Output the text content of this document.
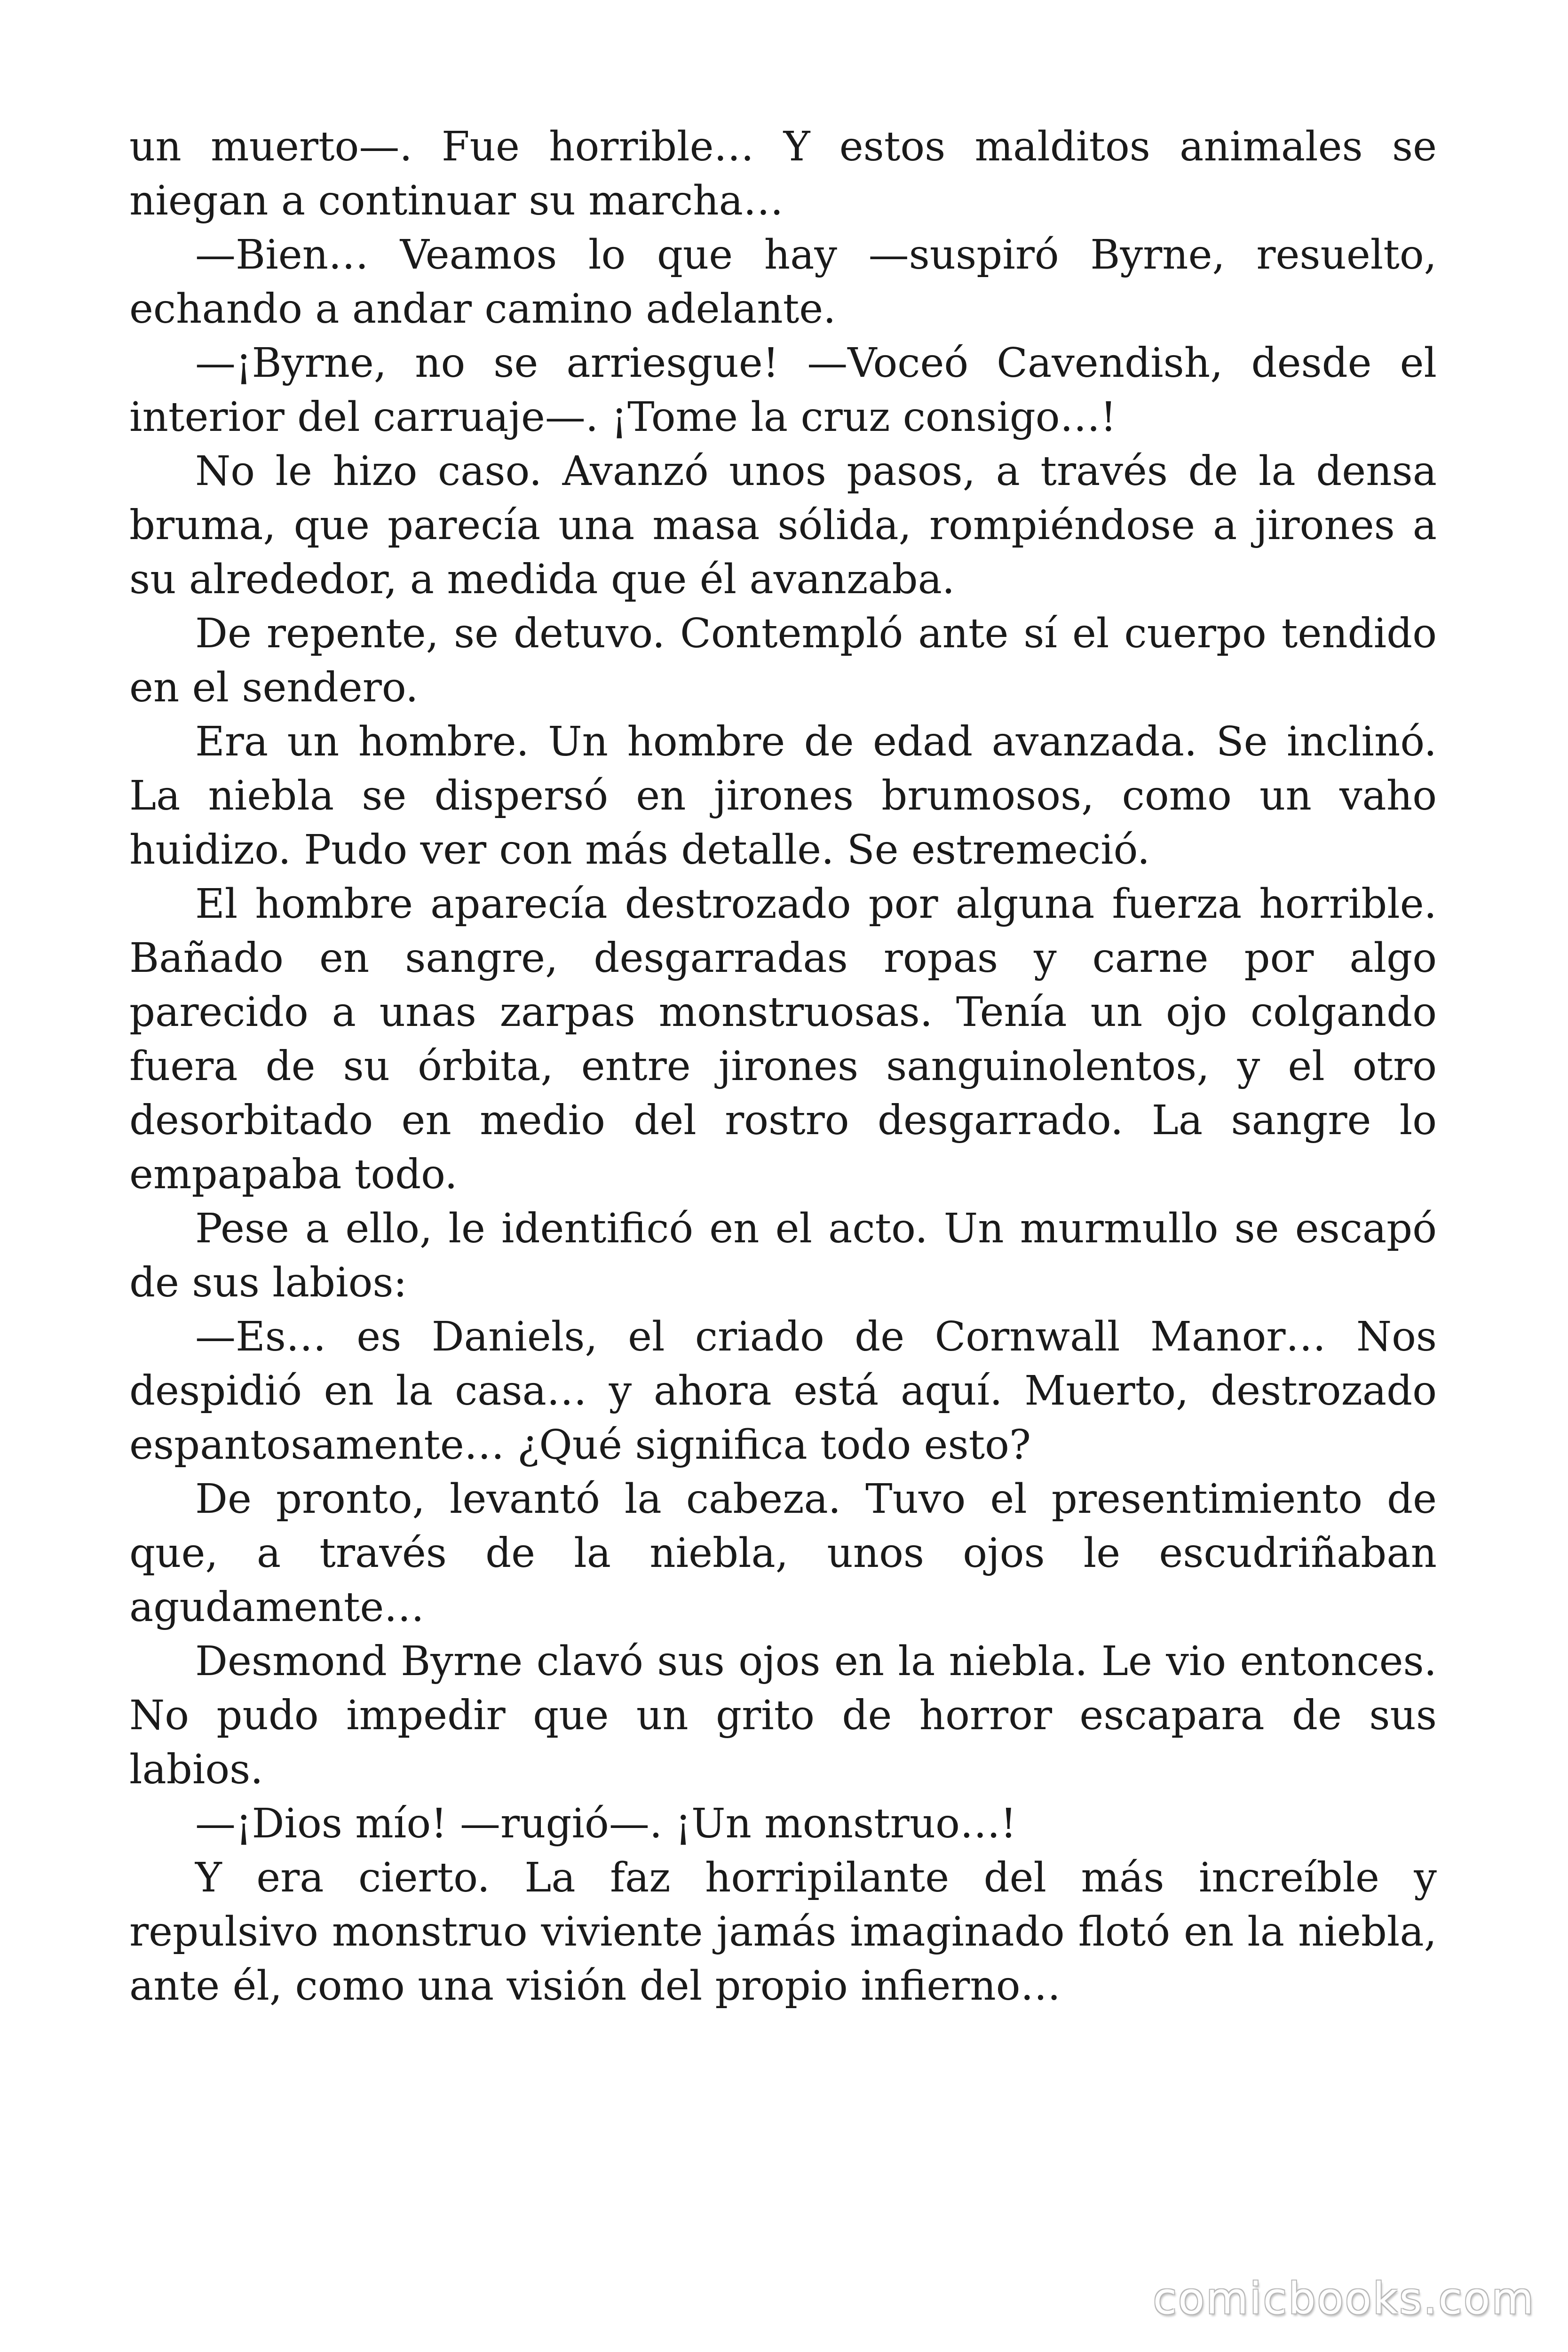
un muerto—. Fue horrible… Y estos malditos animales se niegan a continuar su marcha…

—Bien… Veamos lo que hay —suspiró Byrne, resuelto, echando a andar camino adelante.

—¡Byrne, no se arriesgue! —Voceó Cavendish, desde el interior del carruaje—. ¡Tome la cruz consigo…!

No le hizo caso. Avanzó unos pasos, a través de la densa bruma, que parecía una masa sólida, rompiéndose a jirones a su alrededor, a medida que él avanzaba.

De repente, se detuvo. Contempló ante sí el cuerpo tendido en el sendero.

Era un hombre. Un hombre de edad avanzada. Se inclinó. La niebla se dispersó en jirones brumosos, como un vaho huidizo. Pudo ver con más detalle. Se estremeció.

El hombre aparecía destrozado por alguna fuerza horrible. Bañado en sangre, desgarradas ropas y carne por algo parecido a unas zarpas monstruosas. Tenía un ojo colgando fuera de su órbita, entre jirones sanguinolentos, y el otro desorbitado en medio del rostro desgarrado. La sangre lo empapaba todo.

Pese a ello, le identificó en el acto. Un murmullo se escapó de sus labios:

—Es… es Daniels, el criado de Cornwall Manor… Nos despidió en la casa… y ahora está aquí. Muerto, destrozado espantosamente… ¿Qué significa todo esto?

De pronto, levantó la cabeza. Tuvo el presentimiento de que, a través de la niebla, unos ojos le escudriñaban agudamente…

Desmond Byrne clavó sus ojos en la niebla. Le vio entonces. No pudo impedir que un grito de horror escapara de sus labios.

—¡Dios mío! —rugió—. ¡Un monstruo…!

Y era cierto. La faz horripilante del más increíble y repulsivo monstruo viviente jamás imaginado flotó en la niebla, ante él, como una visión del propio infierno…

comicbooks.com
